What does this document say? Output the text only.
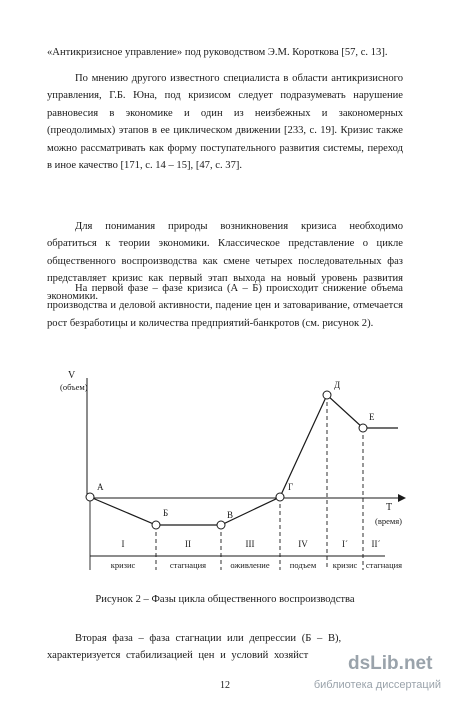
«Антикризисное управление» под руководством Э.М. Короткова [57, с. 13].

По мнению другого известного специалиста в области антикризисного управления, Г.Б. Юна, под кризисом следует подразумевать нарушение равновесия в экономике и один из неизбежных и закономерных (преодолимых) этапов в ее циклическом движении [233, с. 19]. Кризис также можно рассматривать как форму поступательного развития системы, переход в иное качество [171, с. 14 – 15], [47, с. 37].

Для понимания природы возникновения кризиса необходимо обратиться к теории экономики. Классическое представление о цикле общественного воспроизводства как смене четырех последовательных фаз представляет кризис как первый этап выхода на новый уровень развития экономики.

На первой фазе – фазе кризиса (А – Б) происходит снижение объема производства и деловой активности, падение цен и затоваривание, отмечается рост безработицы и количества предприятий-банкротов (см. рисунок 2).

V
(объем)
T
(время)
А
Б	В
Г
Д
Е
I	II	III	IV	I´	II´
кризис	стагнация	оживление подъем кризис стагнация

Рисунок 2 – Фазы цикла общественного воспроизводства

Вторая фаза – фаза стагнации или депрессии (Б – В), характеризуется стабилизацией цен и условий хозяйст

12

dsLib.net
библиотека диссертаций
